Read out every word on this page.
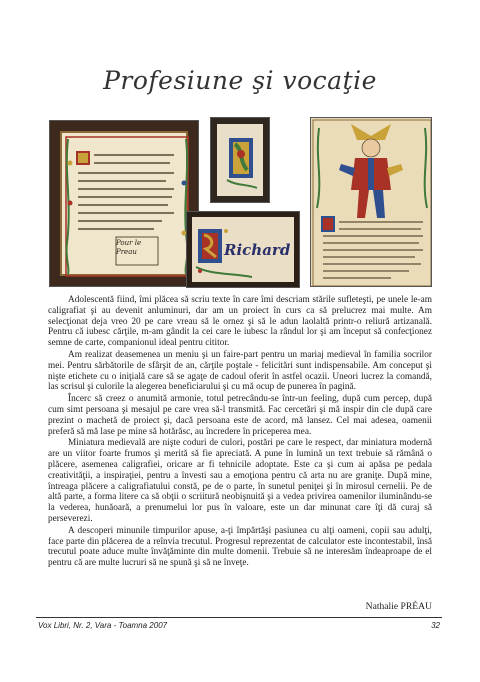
Profesiune şi vocaţie
Pour le Preau	Richard

Adolescentă fiind, îmi plăcea să scriu texte în care îmi descriam stările sufleteşti, pe unele le-am caligrafiat şi au devenit anluminuri, dar am un proiect în curs ca să prelucrez mai multe. Am selecţionat deja vreo 20 pe care vreau să le ornez şi să le adun laolaltă printr-o reliură artizanală. Pentru că iubesc cărţile, m-am gândit la cei care le iubesc la rândul lor şi am început să confecţionez semne de carte, companionul ideal pentru cititor.

Am realizat deasemenea un meniu şi un faire-part pentru un mariaj medieval în familia socrilor mei. Pentru sărbătorile de sfârşit de an, cărţile poştale - felicitări sunt indispensabile. Am conceput şi nişte etichete cu o iniţială care să se agaţe de cadoul oferit în astfel ocazii. Uneori lucrez la comandă, las scrisul şi culorile la alegerea beneficiarului şi cu mă ocup de punerea în pagină.

Încerc să creez o anumită armonie, totul petrecându-se într-un feeling, după cum percep, după cum simt persoana şi mesajul pe care vrea să-l transmită. Fac cercetări şi mă inspir din cle după care prezint o machetă de proiect şi, dacă persoana este de acord, mă lansez. Cel mai adesea, oamenii preferă să mă lase pe mine să hotărăsc, au încredere în priceperea mea.

Miniatura medievală are nişte coduri de culori, postări pe care le respect, dar miniatura modernă are un viitor foarte frumos şi merită să fie apreciată. A pune în lumină un text trebuie să rămână o plăcere, asemenea caligrafiei, oricare ar fi tehnicile adoptate. Este ca şi cum ai apăsa pe pedala creativităţii, a inspiraţiei, pentru a învesti sau a emoţiona pentru că arta nu are graniţe. După mine, întreaga plăcere a caligrafiatului constă, pe de o parte, în sunetul peniţei şi în mirosul cernelii. Pe de altă parte, a forma litere ca să obţii o scriitură neobişnuită şi a vedea privirea oamenilor iluminându-se la vederea, hunăoară, a prenumelui lor pus în valoare, este un dar minunat care îţi dă curaj să perseverezi.

A descoperi minunile timpurilor apuse, a-ţi împărtăşi pasiunea cu alţi oameni, copii sau adulţi, face parte din plăcerea de a reînvia trecutul. Progresul reprezentat de calculator este incontestabil, însă trecutul poate aduce multe învăţăminte din multe domenii. Trebuie să ne interesăm îndeaproape de el pentru că are multe lucruri să ne spună şi să ne înveţe.

Nathalie PRÉAU
Vox Libri, Nr. 2, Vara - Toamna 2007	32
